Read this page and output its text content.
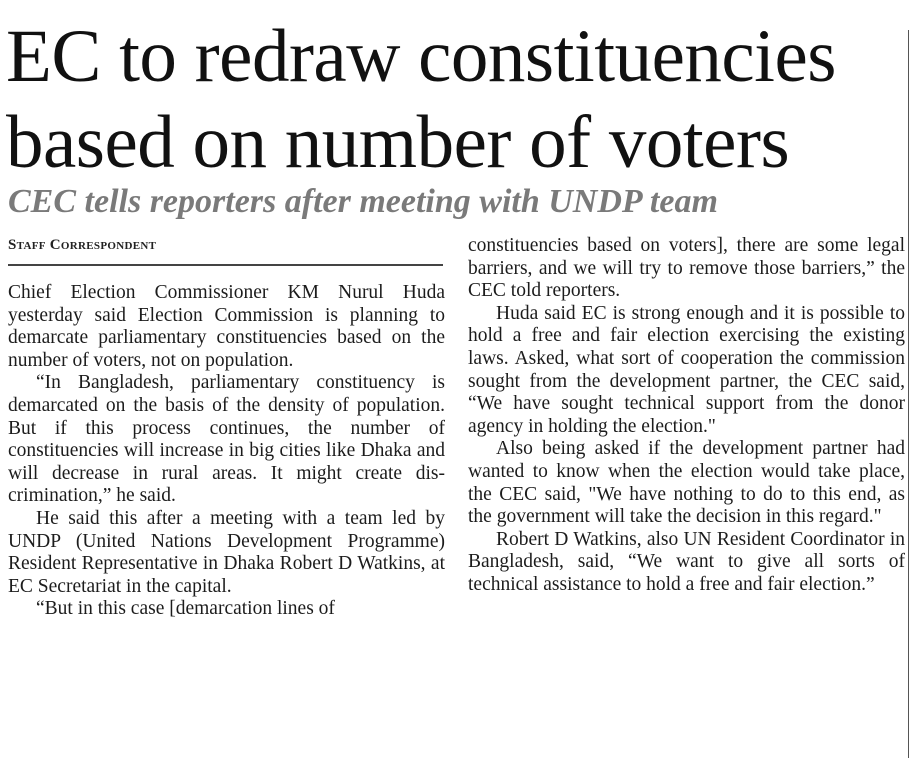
EC to redraw constituencies
based on number of voters
CEC tells reporters after meeting with UNDP team
Staff Correspondent

Chief Election Commissioner KM Nurul Huda yesterday said Election Commission is planning to demarcate parliamentary constituencies based on the number of voters, not on population.

“In Bangladesh, parliamentary constituency is demarcated on the basis of the density of population. But if this process continues, the number of constituencies will increase in big cities like Dhaka and will decrease in rural areas. It might create discrimination,” he said.

He said this after a meeting with a team led by UNDP (United Nations Development Programme) Resident Representative in Dhaka Robert D Watkins, at EC Secretariat in the capital.

“But in this case [demarcation lines of

constituencies based on voters], there are some legal barriers, and we will try to remove those barriers,” the CEC told reporters.

Huda said EC is strong enough and it is possible to hold a free and fair election exercising the existing laws. Asked, what sort of cooperation the commission sought from the development partner, the CEC said, “We have sought technical support from the donor agency in holding the election."

Also being asked if the development partner had wanted to know when the election would take place, the CEC said, "We have nothing to do to this end, as the government will take the decision in this regard."

Robert D Watkins, also UN Resident Coordinator in Bangladesh, said, “We want to give all sorts of technical assistance to hold a free and fair election.”
